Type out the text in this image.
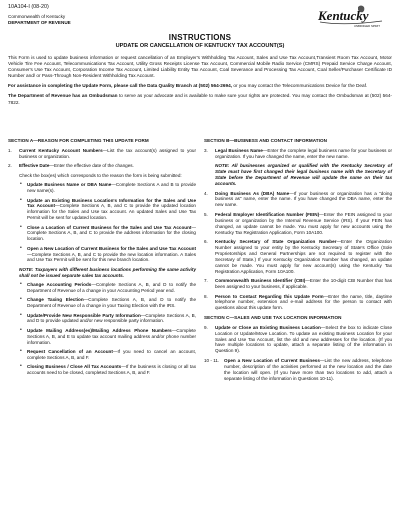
10A104-I (08-20)
Commonwealth of Kentucky
DEPARTMENT OF REVENUE	Kentucky
UNBRIDLED SPIRIT
INSTRUCTIONS
UPDATE OR CANCELLATION OF KENTUCKY TAX ACCOUNT(S)

This Form is used to update business information or request cancellation of an Employer's Withholding Tax Account, Sales and Use Tax Account,Transient Room Tax Account, Motor Vehicle Tire Fee Account, Telecommunications Tax Account, Utility Gross Receipts License Tax Account, Commercial Mobile Radio Service (CMRS) Prepaid Service Charge Account, Consumer's Use Tax Account, Corporation Income Tax Account, Limited Liability Entity Tax Account, Coal Severance and Processing Tax Account, Coal Seller/Purchaser Certificate ID Number and/ or Pass-Through Non-Resident Withholding Tax Account.

For assistance in completing the Update Form, please call the Data Quality Branch at (502) 564-2694, or you may contact the Telecommunications Device for the Deaf.

The Department of Revenue has an Ombudsman to serve as your advocate and is available to make sure your rights are protected. You may contact the Ombudsman at (502) 564-7822.

SECTION A—REASON FOR COMPLETING THIS UPDATE FORM
1. Current Kentucky Account Numbers—List the tax account(s) assigned to your business or organization.
2. Effective Date—Enter the effective date of the changes.
Check the box(es) which corresponds to the reason the form is being submitted:
• Update Business Name or DBA Name—Complete Sections A and B to provide new name(s).
• Update an Existing Business Location's Information for the Sales and Use Tax Account—Complete Sections A, B, and C to provide the updated location information for the Sales and Use tax account. An updated Sales and Use Tax Permit will be sent for updated location.
• Close a Location of Current Business for the Sales and Use Tax Account—Complete Sections A, B, and C to provide the address information for the closing location.
• Open a New Location of Current Business for the Sales and Use Tax Account—Complete Sections A, B, and C to provide the new location information. A Sales and Use Tax Permit will be sent for this new branch location.
NOTE: Taxpayers with different business locations performing the same activity shall not be issued separate sales tax accounts.
• Change Accounting Periods—Complete Sections A, B, and D to notify the Department of Revenue of a change in your Accounting Period year end.
• Change Taxing Election—Complete Sections A, B, and D to notify the Department of Revenue of a change in your Taxing Election with the IRS.
• Update/Provide New Responsible Party Information—Complete Sections A, B, and D to provide updated and/or new responsible party information.
• Update Mailing Address(es)/Mailing Address Phone Numbers—Complete Sections A, B, and E to update tax account mailing address and/or phone number information.
• Request Cancellation of an Account—If you need to cancel an account, complete Sections A, B, and F.
• Closing Business / Close All Tax Accounts—If the business is closing or all tax accounts need to be closed, completed Sections A, B, and F.
SECTION B—BUSINESS AND CONTACT INFORMATION
3. Legal Business Name—Enter the complete legal business name for your business or organization. If you have changed the name, enter the new name.
NOTE: All businesses organized or qualified with the Kentucky Secretary of State must have first changed their legal business name with the Secretary of State before the Department of Revenue will update the name on their tax accounts.
4. Doing Business As (DBA) Name—If your business or organization has a "doing business as" name, enter the name. If you have changed the DBA name, enter the new name.
5. Federal Employer Identification Number (FEIN)—Enter the FEIN assigned to your business or organization by the Internal Revenue Service (IRS). If your FEIN has changed, an update cannot be made. You must apply for new accounts using the Kentucky Tax Registration Application, Form 10A100.
6. Kentucky Secretary of State Organization Number—Enter the Organization Number assigned to your entity by the Kentucky Secretary of State's Office (Sole Proprietorships and General Partnerships are not required to register with the Secretary of State.) If your Kentucky Organization Number has changed, an update cannot be made. You must apply for new account(s) using the Kentucky Tax Registration Application, Form 10A100.
7. Commonwealth Business Identifier (CBI)—Enter the 10-digit CBI Number that has been assigned to your business, if applicable.
8. Person to Contact Regarding this Update Form—Enter the name, title, daytime telephone number, extension and e-mail address for the person to contact with questions about this update form.
SECTION C—SALES AND USE TAX LOCATION INFORMATION
9. Update or Close an Existing Business Location—Select the box to indicate Close Location or Update/Move Location. To update an existing Business Location for your Sales and Use Tax Account, list the old and new addresses for the location. (If you have multiple locations to update, attach a separate listing of the information in Question 9).
10 - 11. Open a New Location of Current Business—List the new address, telephone number, description of the activities performed at the new location and the date the location will open. (If you have more than two locations to add, attach a separate listing of the information in Questions 10-11).
